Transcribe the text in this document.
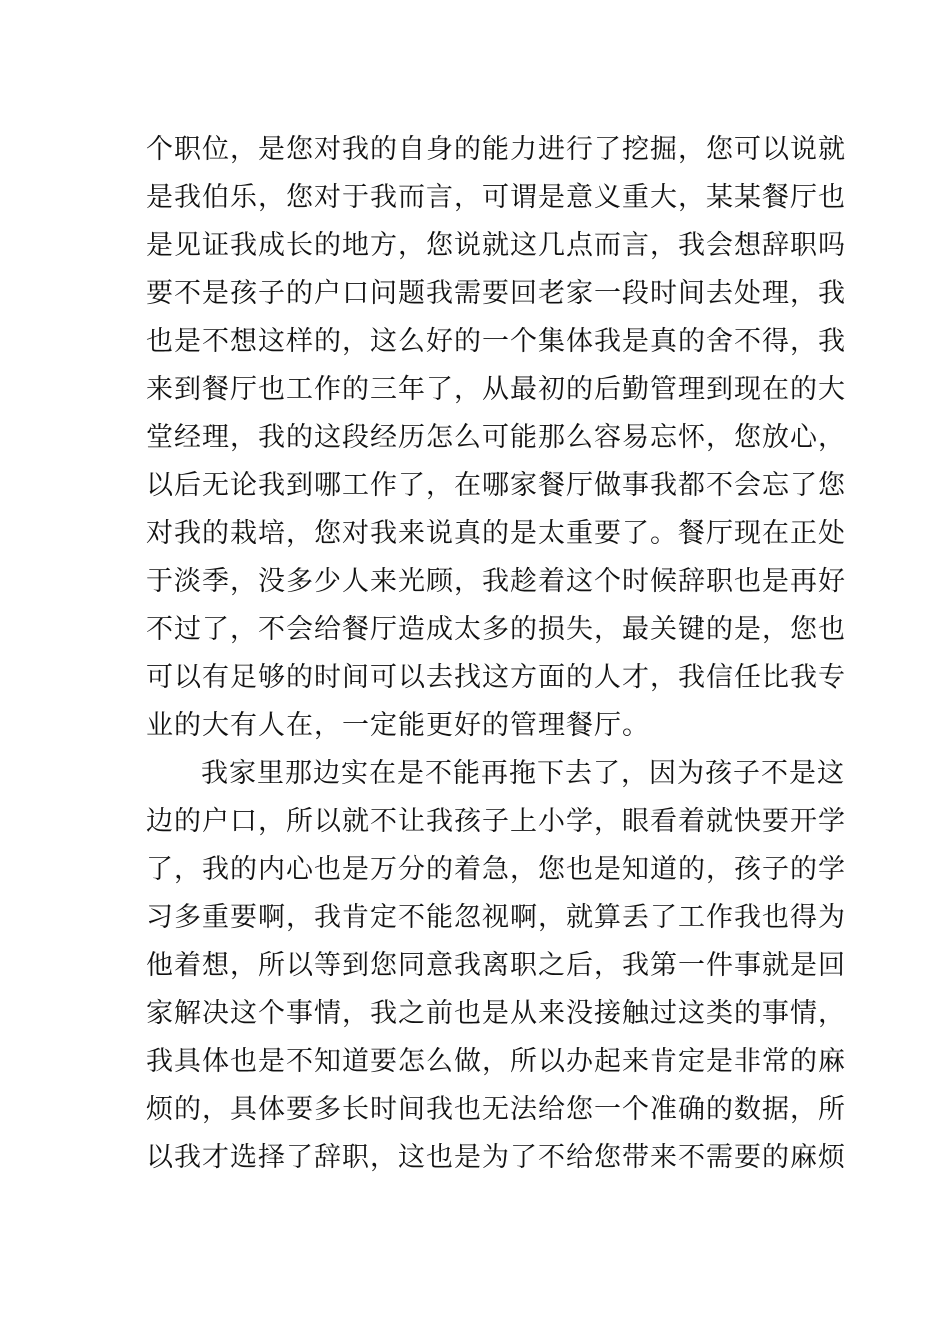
个职位，是您对我的自身的能力进行了挖掘，您可以说就
是我伯乐，您对于我而言，可谓是意义重大，某某餐厅也
是见证我成长的地方，您说就这几点而言，我会想辞职吗
要不是孩子的户口问题我需要回老家一段时间去处理，我
也是不想这样的，这么好的一个集体我是真的舍不得，我
来到餐厅也工作的三年了，从最初的后勤管理到现在的大
堂经理，我的这段经历怎么可能那么容易忘怀，您放心，
以后无论我到哪工作了，在哪家餐厅做事我都不会忘了您
对我的栽培，您对我来说真的是太重要了。餐厅现在正处
于淡季，没多少人来光顾，我趁着这个时候辞职也是再好
不过了，不会给餐厅造成太多的损失，最关键的是，您也
可以有足够的时间可以去找这方面的人才，我信任比我专
业的大有人在，一定能更好的管理餐厅。
我家里那边实在是不能再拖下去了，因为孩子不是这
边的户口，所以就不让我孩子上小学，眼看着就快要开学
了，我的内心也是万分的着急，您也是知道的，孩子的学
习多重要啊，我肯定不能忽视啊，就算丢了工作我也得为
他着想，所以等到您同意我离职之后，我第一件事就是回
家解决这个事情，我之前也是从来没接触过这类的事情，
我具体也是不知道要怎么做，所以办起来肯定是非常的麻
烦的，具体要多长时间我也无法给您一个准确的数据，所
以我才选择了辞职，这也是为了不给您带来不需要的麻烦
